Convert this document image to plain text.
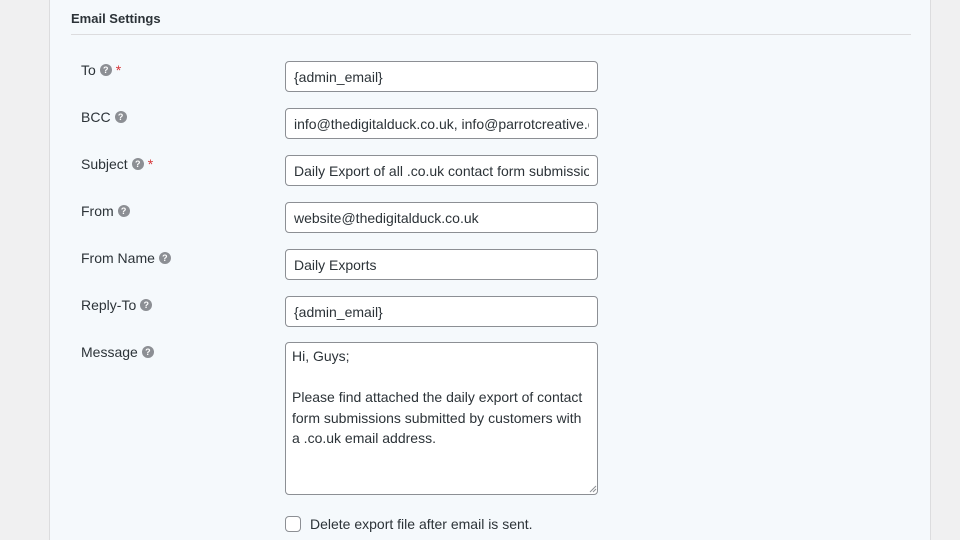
Email Settings
To ? *
{admin_email}
BCC ?
info@thedigitalduck.co.uk, info@parrotcreative.co.uk
Subject ? *
Daily Export of all .co.uk contact form submissions
From ?
website@thedigitalduck.co.uk
From Name ?
Daily Exports
Reply-To ?
{admin_email}
Message ?
Hi, Guys; Please find attached the daily export of contact form submissions submitted by customers with a .co.uk email address.
Delete export file after email is sent.
